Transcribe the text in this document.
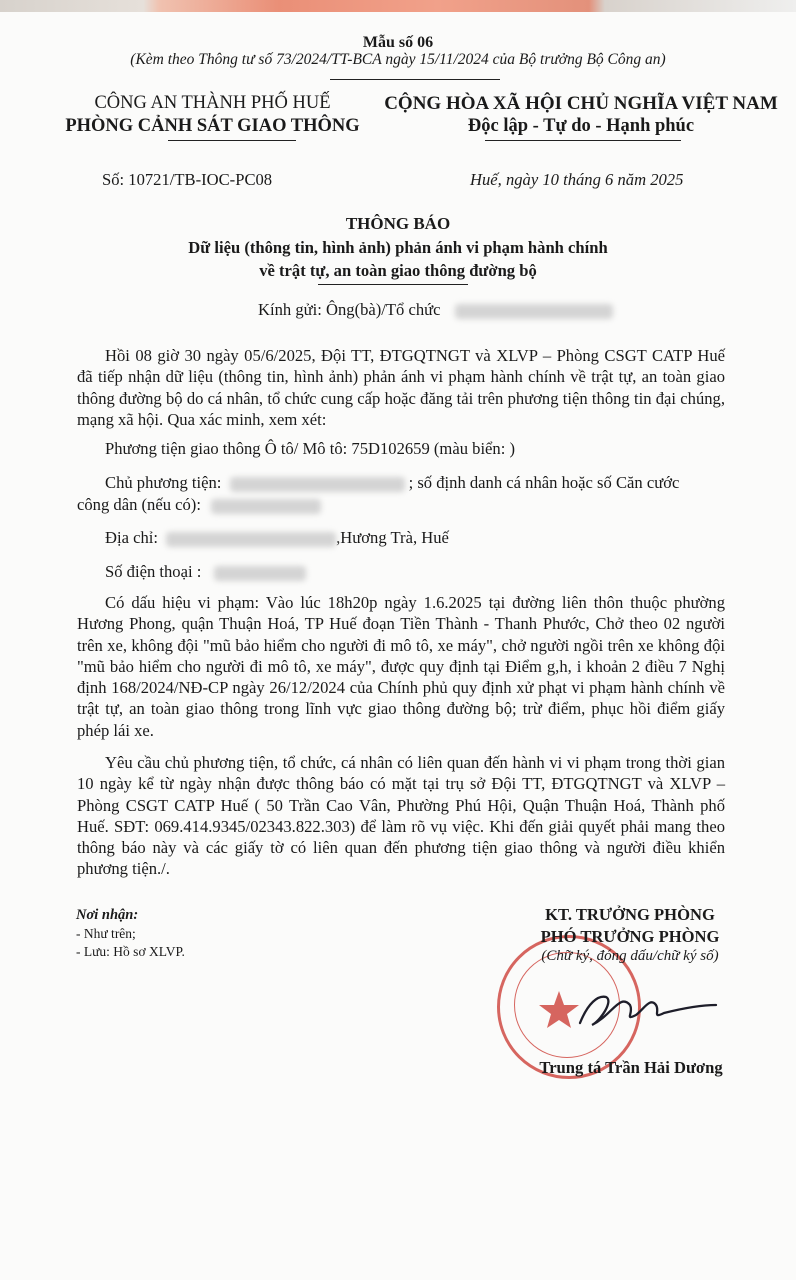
Mẫu số 06
(Kèm theo Thông tư số 73/2024/TT-BCA ngày 15/11/2024 của Bộ trưởng Bộ Công an)
CÔNG AN THÀNH PHỐ HUẾ
PHÒNG CẢNH SÁT GIAO THÔNG
CỘNG HÒA XÃ HỘI CHỦ NGHĨA VIỆT NAM
Độc lập - Tự do - Hạnh phúc
Số: 10721/TB-IOC-PC08	Huế, ngày 10 tháng 6 năm 2025
THÔNG BÁO
Dữ liệu (thông tin, hình ảnh) phản ánh vi phạm hành chính
về trật tự, an toàn giao thông đường bộ
Kính gửi: Ông(bà)/Tổ chức
Hồi 08 giờ 30 ngày 05/6/2025, Đội TT, ĐTGQTNGT và XLVP – Phòng CSGT CATP Huế đã tiếp nhận dữ liệu (thông tin, hình ảnh) phản ánh vi phạm hành chính về trật tự, an toàn giao thông đường bộ do cá nhân, tổ chức cung cấp hoặc đăng tải trên phương tiện thông tin đại chúng, mạng xã hội. Qua xác minh, xem xét:
Phương tiện giao thông Ô tô/ Mô tô: 75D102659 (màu biển: )
Chủ phương tiện:	; số định danh cá nhân hoặc số Căn cước
công dân (nếu có):
Địa chỉ:	,Hương Trà, Huế
Số điện thoại :
Có dấu hiệu vi phạm: Vào lúc 18h20p ngày 1.6.2025 tại đường liên thôn thuộc phường Hương Phong, quận Thuận Hoá, TP Huế đoạn Tiền Thành - Thanh Phước, Chở theo 02 người trên xe, không đội "mũ bảo hiểm cho người đi mô tô, xe máy", chở người ngồi trên xe không đội "mũ bảo hiểm cho người đi mô tô, xe máy", được quy định tại Điểm g,h, i khoản 2 điều 7 Nghị định 168/2024/NĐ-CP ngày 26/12/2024 của Chính phủ quy định xử phạt vi phạm hành chính về trật tự, an toàn giao thông trong lĩnh vực giao thông đường bộ; trừ điểm, phục hồi điểm giấy phép lái xe.
Yêu cầu chủ phương tiện, tổ chức, cá nhân có liên quan đến hành vi vi phạm trong thời gian 10 ngày kể từ ngày nhận được thông báo có mặt tại trụ sở Đội TT, ĐTGQTNGT và XLVP – Phòng CSGT CATP Huế ( 50 Trần Cao Vân, Phường Phú Hội, Quận Thuận Hoá, Thành phố Huế. SĐT: 069.414.9345/02343.822.303) để làm rõ vụ việc. Khi đến giải quyết phải mang theo thông báo này và các giấy tờ có liên quan đến phương tiện giao thông và người điều khiển phương tiện./.
Nơi nhận:
- Như trên;
- Lưu: Hồ sơ XLVP.
KT. TRƯỞNG PHÒNG
PHÓ TRƯỞNG PHÒNG
(Chữ ký, đóng dấu/chữ ký số)
Trung tá Trần Hải Dương
